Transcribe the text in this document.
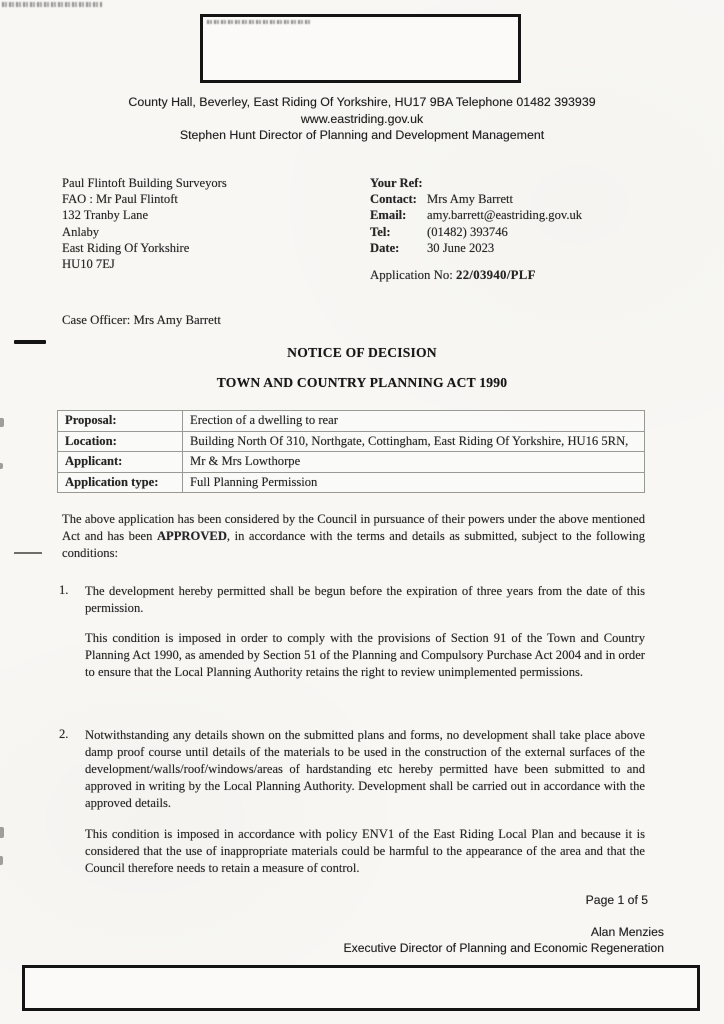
County Hall, Beverley, East Riding Of Yorkshire, HU17 9BA Telephone 01482 393939
www.eastriding.gov.uk
Stephen Hunt Director of Planning and Development Management
Paul Flintoft Building Surveyors
FAO : Mr Paul Flintoft
132 Tranby Lane
Anlaby
East Riding Of Yorkshire
HU10 7EJ
Your Ref:
Contact: Mrs Amy Barrett
Email:	amy.barrett@eastriding.gov.uk
Tel:	(01482) 393746
Date:	30 June 2023
Application No: 22/03940/PLF
Case Officer: Mrs Amy Barrett
NOTICE OF DECISION
TOWN AND COUNTRY PLANNING ACT 1990
Proposal:	Erection of a dwelling to rear
Location:	Building North Of 310, Northgate, Cottingham, East Riding Of Yorkshire, HU16 5RN,
Applicant:	Mr & Mrs Lowthorpe
Application type:	Full Planning Permission
The above application has been considered by the Council in pursuance of their powers under the above mentioned Act and has been APPROVED, in accordance with the terms and details as submitted, subject to the following conditions:
1. The development hereby permitted shall be begun before the expiration of three years from the date of this permission.
This condition is imposed in order to comply with the provisions of Section 91 of the Town and Country Planning Act 1990, as amended by Section 51 of the Planning and Compulsory Purchase Act 2004 and in order to ensure that the Local Planning Authority retains the right to review unimplemented permissions.
2. Notwithstanding any details shown on the submitted plans and forms, no development shall take place above damp proof course until details of the materials to be used in the construction of the external surfaces of the development/walls/roof/windows/areas of hardstanding etc hereby permitted have been submitted to and approved in writing by the Local Planning Authority. Development shall be carried out in accordance with the approved details.
This condition is imposed in accordance with policy ENV1 of the East Riding Local Plan and because it is considered that the use of inappropriate materials could be harmful to the appearance of the area and that the Council therefore needs to retain a measure of control.
Page 1 of 5
Alan Menzies
Executive Director of Planning and Economic Regeneration
